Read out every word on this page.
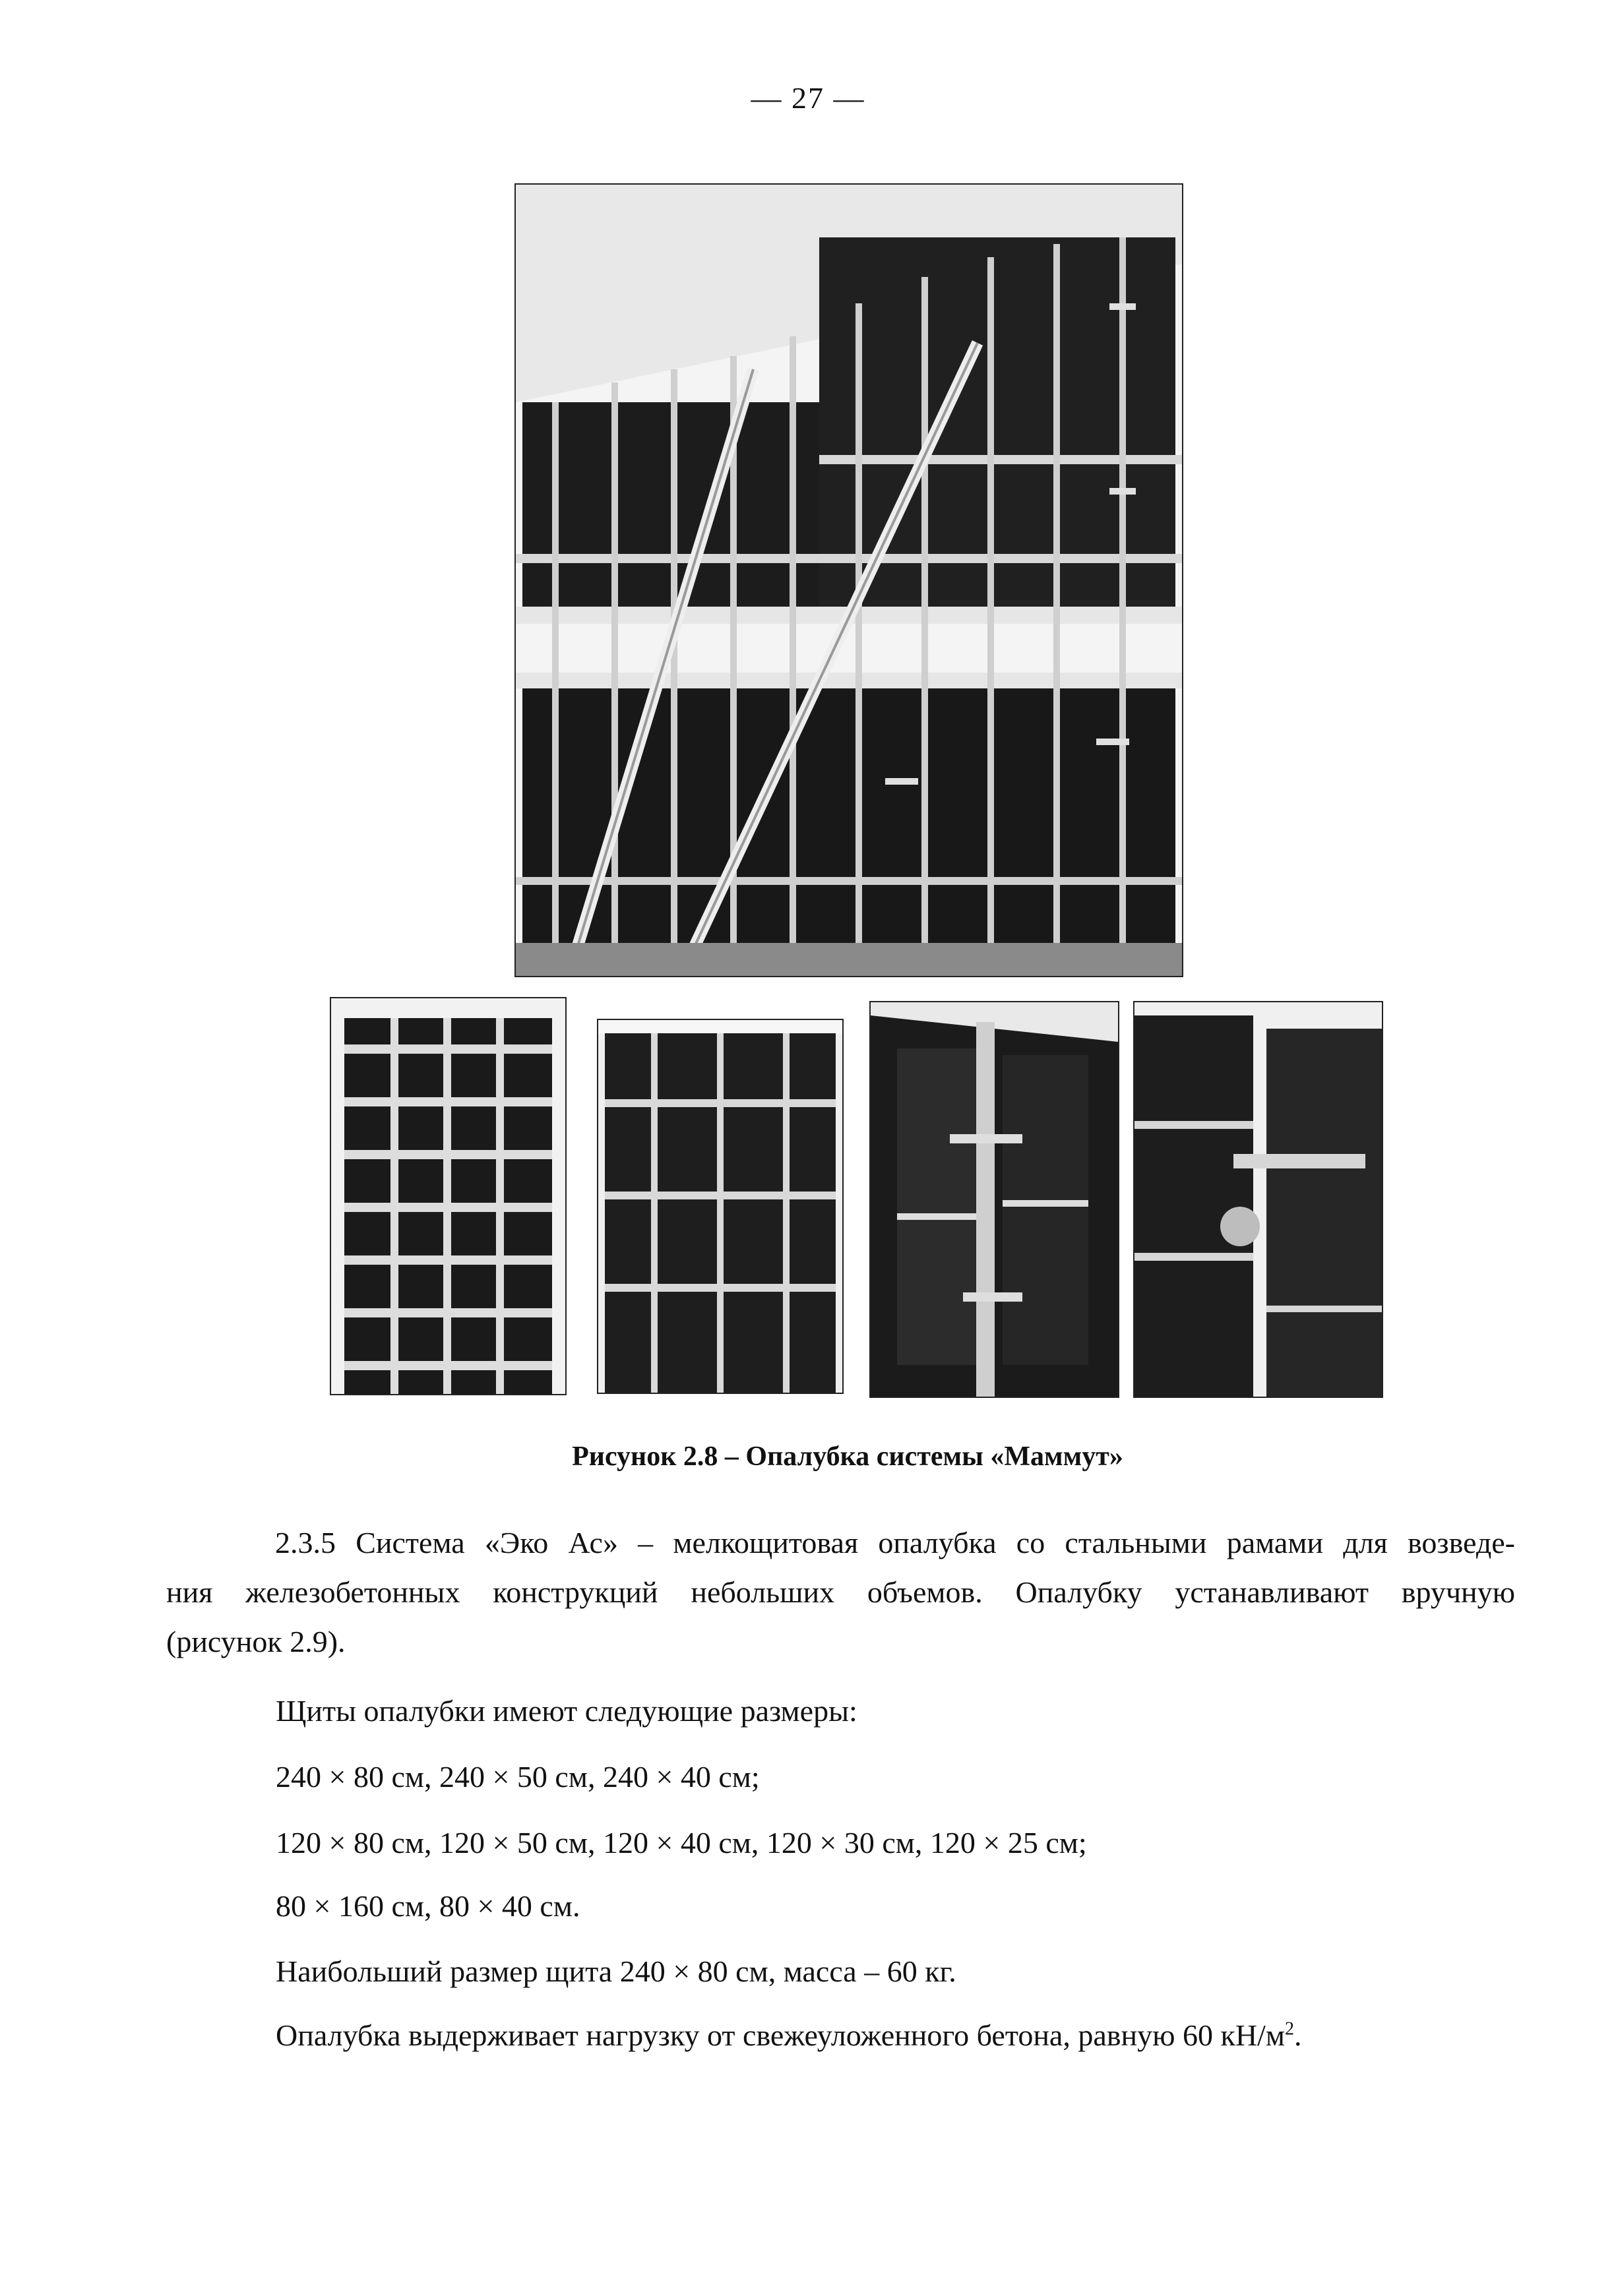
— 27 —
Рисунок 2.8 – Опалубка системы «Маммут»
2.3.5 Система «Эко Ас» – мелкощитовая опалубка со стальными рамами для возведе-
ния железобетонных конструкций небольших объемов. Опалубку устанавливают вручную
(рисунок 2.9).
Щиты опалубки имеют следующие размеры:
240 × 80 см, 240 × 50 см, 240 × 40 см;
120 × 80 см, 120 × 50 см, 120 × 40 см, 120 × 30 см, 120 × 25 см;
80 × 160 см, 80 × 40 см.
Наибольший размер щита 240 × 80 см, масса – 60 кг.
Опалубка выдерживает нагрузку от свежеуложенного бетона, равную 60 $кН/м^2$.
